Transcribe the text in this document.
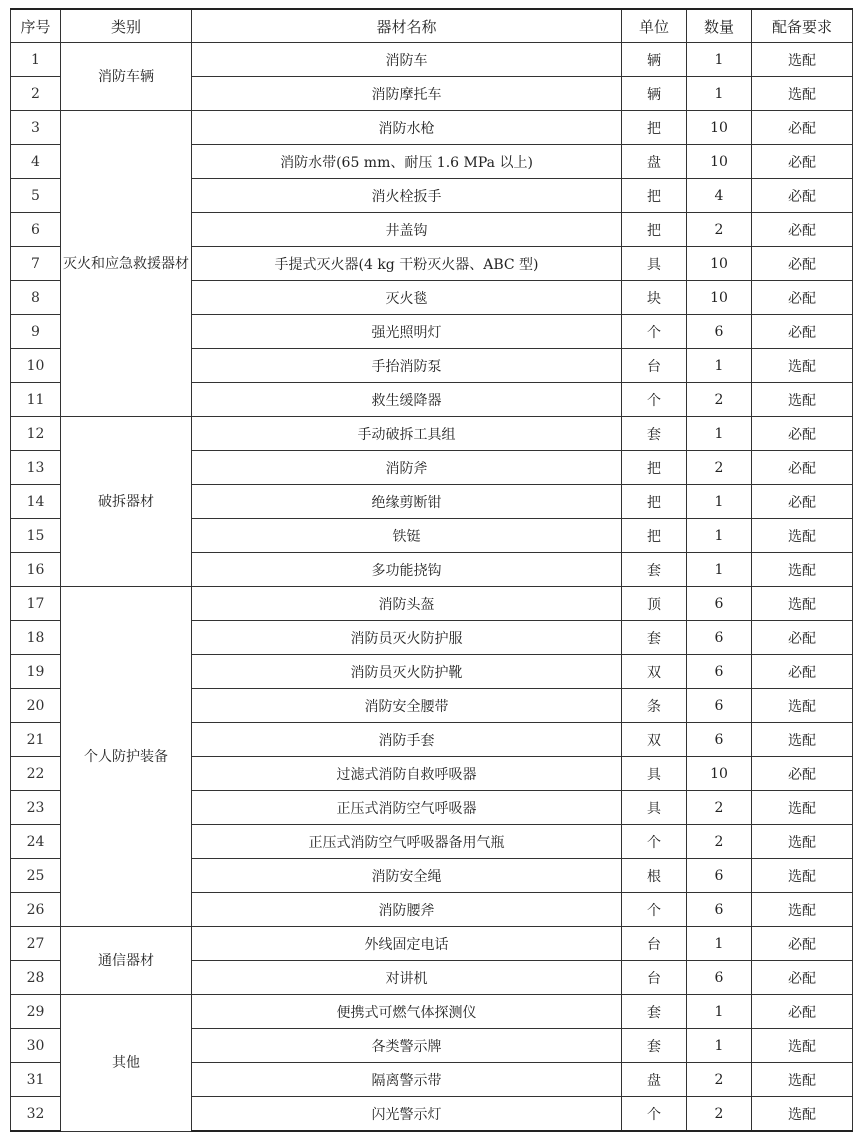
序号	类别	器材名称	单位	数量	配备要求
1	消防车辆	消防车	辆	1	选配
2		消防摩托车	辆	1	选配
3	灭火和应急救援器材	消防水枪	把	10	必配
4		消防水带(65 mm、耐压 1.6 MPa 以上)	盘	10	必配
5		消火栓扳手	把	4	必配
6		井盖钩	把	2	必配
7		手提式灭火器(4 kg 干粉灭火器、ABC 型)	具	10	必配
8		灭火毯	块	10	必配
9		强光照明灯	个	6	必配
10		手抬消防泵	台	1	选配
11		救生缓降器	个	2	选配
12	破拆器材	手动破拆工具组	套	1	必配
13		消防斧	把	2	必配
14		绝缘剪断钳	把	1	必配
15		铁铤	把	1	选配
16		多功能挠钩	套	1	选配
17	个人防护装备	消防头盔	顶	6	选配
18		消防员灭火防护服	套	6	必配
19		消防员灭火防护靴	双	6	必配
20		消防安全腰带	条	6	选配
21		消防手套	双	6	选配
22		过滤式消防自救呼吸器	具	10	必配
23		正压式消防空气呼吸器	具	2	选配
24		正压式消防空气呼吸器备用气瓶	个	2	选配
25		消防安全绳	根	6	选配
26		消防腰斧	个	6	选配
27	通信器材	外线固定电话	台	1	必配
28		对讲机	台	6	必配
29	其他	便携式可燃气体探测仪	套	1	必配
30		各类警示牌	套	1	选配
31		隔离警示带	盘	2	选配
32		闪光警示灯	个	2	选配
